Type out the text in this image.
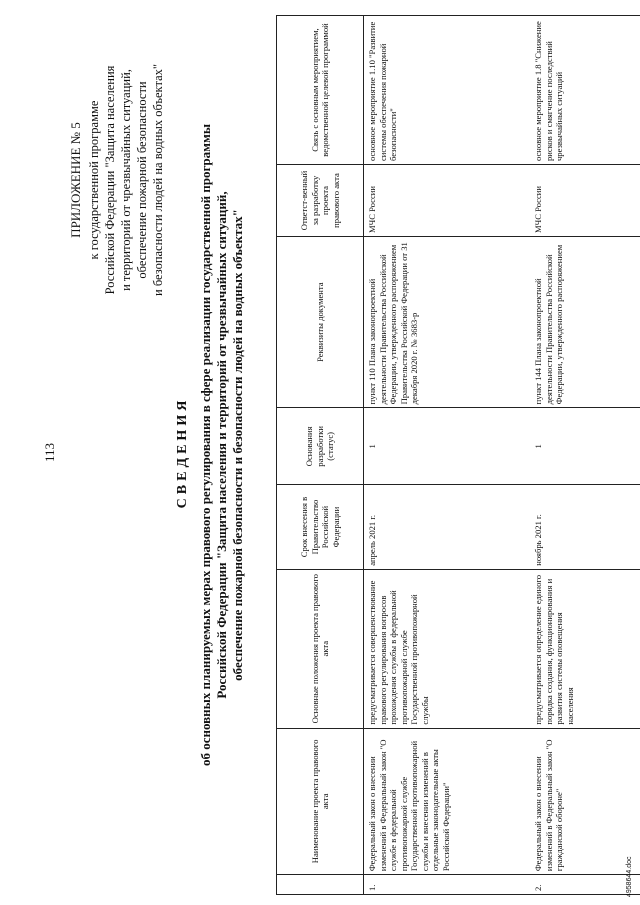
113
ПРИЛОЖЕНИЕ № 5 к государственной программе Российской Федерации "Защита населения и территорий от чрезвычайных ситуаций, обеспечение пожарной безопасности и безопасности людей на водных объектах"
СВЕДЕНИЯ об основных планируемых мерах правового регулирования в сфере реализации государственной программы Российской Федерации "Защита населения и территорий от чрезвычайных ситуаций, обеспечение пожарной безопасности и безопасности людей на водных объектах"
	Наименование проекта правового акта	Основные положения проекта правового акта	Срок внесения в Правительство Российской Федерации	Основания разработки (статус)	Реквизиты документа	Ответст-венный за разработку проекта правового акта	Связь с основным мероприятием, ведомственной целевой программой
1.	Федеральный закон о внесении изменений в Федеральный закон "О службе в федеральной противопожарной службе Государственной противопожарной службы и внесении изменений в отдельные законодательные акты Российской Федерации"	предусматривается совершенствование правового регулирования вопросов прохождения службы в федеральной противопожарной службе Государственной противопожарной службы	апрель 2021 г.	1	пункт 110 Плана законопроектной деятельности Правительства Российской Федерации, утвержденного распоряжением Правительства Российской Федерации от 31 декабря 2020 г. № 3683-р	МЧС России	основное мероприятие 1.10 "Развитие системы обеспечения пожарной безопасности"
2.	Федеральный закон о внесении изменений в Федеральный закон "О гражданской обороне"	предусматривается определение единого порядка создания, функционирования и развития системы оповещения населения	ноябрь 2021 г.	1	пункт 144 Плана законопроектной деятельности Правительства Российской Федерации, утвержденного распоряжением	МЧС России	основное мероприятие 1.8 "Снижение рисков и смягчение последствий чрезвычайных ситуаций
4958644.doc
